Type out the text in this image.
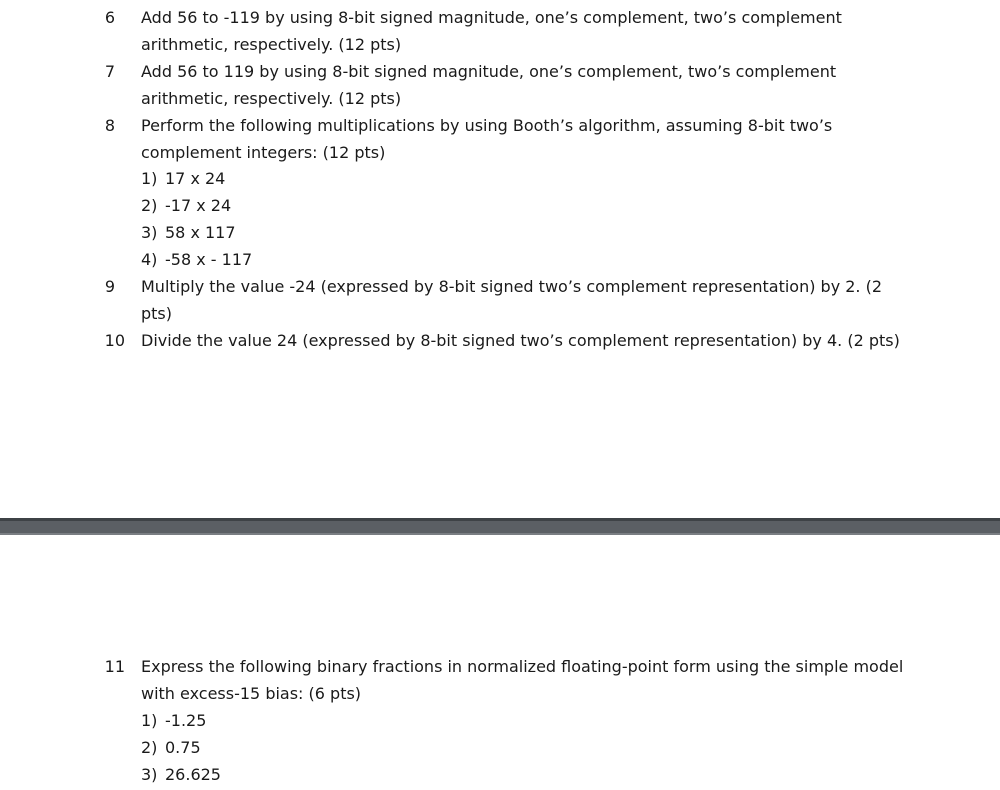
6 Add 56 to -119 by using 8-bit signed magnitude, one’s complement, two’s complement
arithmetic, respectively. (12 pts)
7 Add 56 to 119 by using 8-bit signed magnitude, one’s complement, two’s complement
arithmetic, respectively. (12 pts)
8 Perform the following multiplications by using Booth’s algorithm, assuming 8-bit two’s
complement integers: (12 pts)
1) 17 x 24
2) -17 x 24
3) 58 x 117
4) -58 x - 117
9 Multiply the value -24 (expressed by 8-bit signed two’s complement representation) by 2. (2
pts)
10 Divide the value 24 (expressed by 8-bit signed two’s complement representation) by 4. (2 pts)
11 Express the following binary fractions in normalized floating-point form using the simple model
with excess-15 bias: (6 pts)
1) -1.25
2) 0.75
3) 26.625
